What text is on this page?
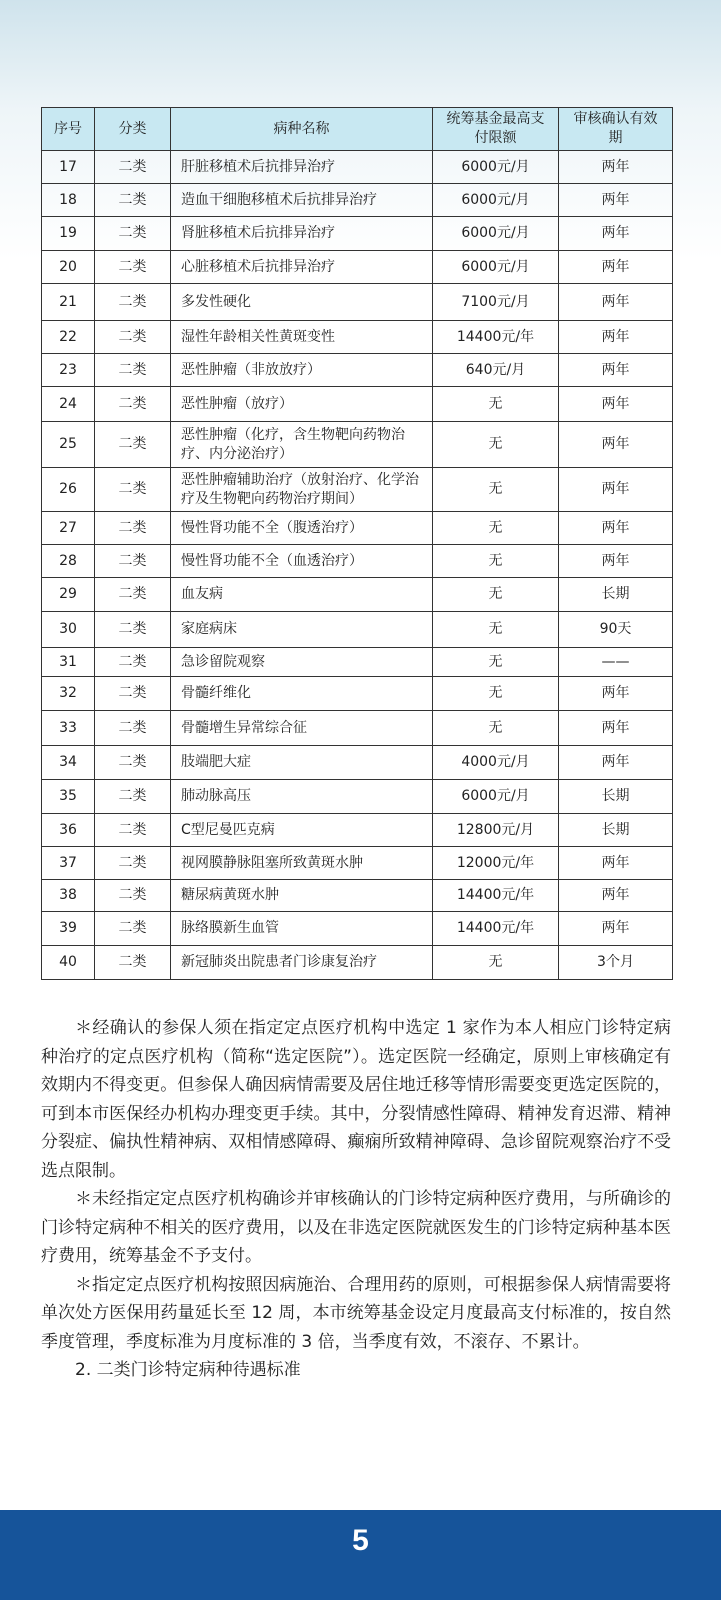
序号	分类	病种名称	统筹基金最高支付限额	审核确认有效期
17	二类	肝脏移植术后抗排异治疗	6000元/月	两年
18	二类	造血干细胞移植术后抗排异治疗	6000元/月	两年
19	二类	肾脏移植术后抗排异治疗	6000元/月	两年
20	二类	心脏移植术后抗排异治疗	6000元/月	两年
21	二类	多发性硬化	7100元/月	两年
22	二类	湿性年龄相关性黄斑变性	14400元/年	两年
23	二类	恶性肿瘤（非放放疗）	640元/月	两年
24	二类	恶性肿瘤（放疗）	无	两年
25	二类	恶性肿瘤（化疗，含生物靶向药物治疗、内分泌治疗）	无	两年
26	二类	恶性肿瘤辅助治疗（放射治疗、化学治疗及生物靶向药物治疗期间）	无	两年
27	二类	慢性肾功能不全（腹透治疗）	无	两年
28	二类	慢性肾功能不全（血透治疗）	无	两年
29	二类	血友病	无	长期
30	二类	家庭病床	无	90天
31	二类	急诊留院观察	无	——
32	二类	骨髓纤维化	无	两年
33	二类	骨髓增生异常综合征	无	两年
34	二类	肢端肥大症	4000元/月	两年
35	二类	肺动脉高压	6000元/月	长期
36	二类	C型尼曼匹克病	12800元/月	长期
37	二类	视网膜静脉阻塞所致黄斑水肿	12000元/年	两年
38	二类	糖尿病黄斑水肿	14400元/年	两年
39	二类	脉络膜新生血管	14400元/年	两年
40	二类	新冠肺炎出院患者门诊康复治疗	无	3个月

＊经确认的参保人须在指定定点医疗机构中选定 1 家作为本人相应门诊特定病种治疗的定点医疗机构（简称“选定医院”）。选定医院一经确定，原则上审核确定有效期内不得变更。但参保人确因病情需要及居住地迁移等情形需要变更选定医院的，可到本市医保经办机构办理变更手续。其中，分裂情感性障碍、精神发育迟滞、精神分裂症、偏执性精神病、双相情感障碍、癫痫所致精神障碍、急诊留院观察治疗不受选点限制。

＊未经指定定点医疗机构确诊并审核确认的门诊特定病种医疗费用，与所确诊的门诊特定病种不相关的医疗费用，以及在非选定医院就医发生的门诊特定病种基本医疗费用，统筹基金不予支付。

＊指定定点医疗机构按照因病施治、合理用药的原则，可根据参保人病情需要将单次处方医保用药量延长至 12 周，本市统筹基金设定月度最高支付标准的，按自然季度管理，季度标准为月度标准的 3 倍，当季度有效，不滚存、不累计。

2. 二类门诊特定病种待遇标准

5
